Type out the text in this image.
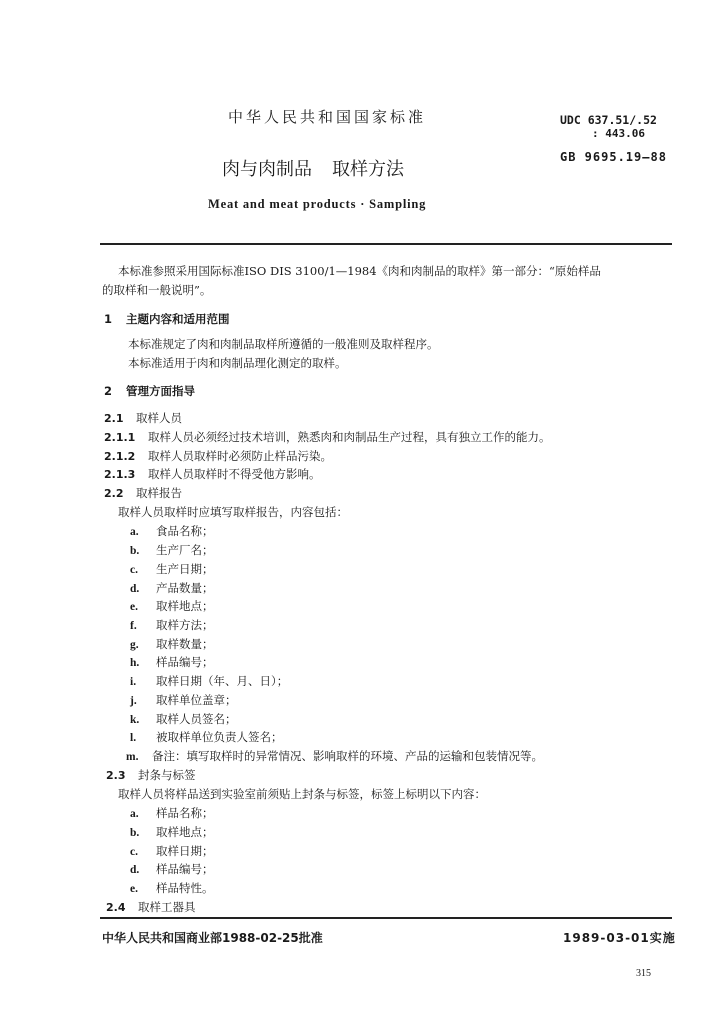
中华人民共和国国家标准	UDC 637.51/.52
: 443.06
GB 9695.19—88
肉与肉制品 取样方法
Meat and meat products · Sampling
本标准参照采用国际标准ISO DIS 3100/1—1984《肉和肉制品的取样》第一部分：“原始样品
的取样和一般说明”。
1 主题内容和适用范围
本标准规定了肉和肉制品取样所遵循的一般准则及取样程序。
本标准适用于肉和肉制品理化测定的取样。
2 管理方面指导
2.1 取样人员
2.1.1 取样人员必须经过技术培训，熟悉肉和肉制品生产过程，具有独立工作的能力。
2.1.2 取样人员取样时必须防止样品污染。
2.1.3 取样人员取样时不得受他方影响。
2.2 取样报告
取样人员取样时应填写取样报告，内容包括：
a. 食品名称；
b. 生产厂名；
c. 生产日期；
d. 产品数量；
e. 取样地点；
f. 取样方法；
g. 取样数量；
h. 样品编号；
i. 取样日期（年、月、日）；
j. 取样单位盖章；
k. 取样人员签名；
l. 被取样单位负责人签名；
m. 备注：填写取样时的异常情况、影响取样的环境、产品的运输和包装情况等。
2.3 封条与标签
取样人员将样品送到实验室前须贴上封条与标签，标签上标明以下内容：
a. 样品名称；
b. 取样地点；
c. 取样日期；
d. 样品编号；
e. 样品特性。
2.4 取样工器具
中华人民共和国商业部1988-02-25批准	1989-03-01实施
315
